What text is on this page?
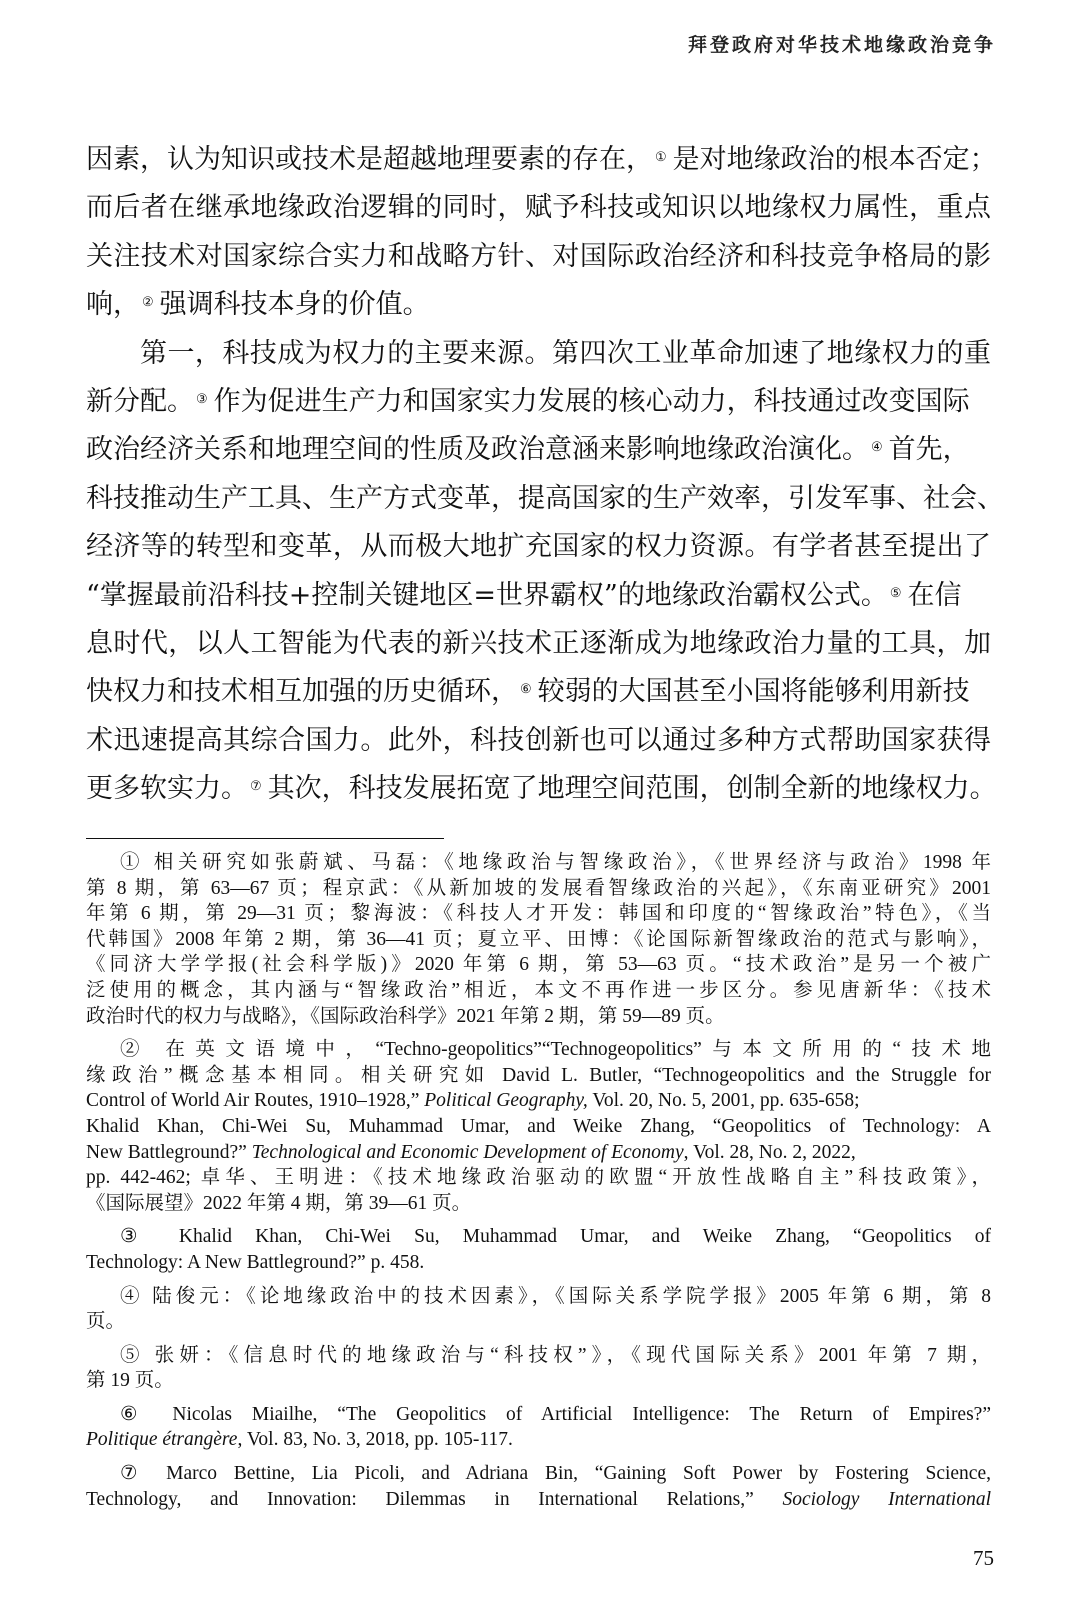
拜登政府对华技术地缘政治竞争
因素，认为知识或技术是超越地理要素的存在， ① 是对地缘政治的根本否定；
而后者在继承地缘政治逻辑的同时，赋予科技或知识以地缘权力属性，重点
关注技术对国家综合实力和战略方针、对国际政治经济和科技竞争格局的影
响， ② 强调科技本身的价值。
第一，科技成为权力的主要来源。第四次工业革命加速了地缘权力的重
新分配。 ③ 作为促进生产力和国家实力发展的核心动力，科技通过改变国际
政治经济关系和地理空间的性质及政治意涵来影响地缘政治演化。 ④ 首先，
科技推动生产工具、生产方式变革，提高国家的生产效率，引发军事、社会、
经济等的转型和变革，从而极大地扩充国家的权力资源。有学者甚至提出了
“掌握最前沿科技+控制关键地区=世界霸权”的地缘政治霸权公式。 ⑤ 在信
息时代，以人工智能为代表的新兴技术正逐渐成为地缘政治力量的工具，加
快权力和技术相互加强的历史循环， ⑥ 较弱的大国甚至小国将能够利用新技
术迅速提高其综合国力。此外，科技创新也可以通过多种方式帮助国家获得
更多软实力。 ⑦ 其次，科技发展拓宽了地理空间范围，创制全新的地缘权力。
① 相关研究如张蔚斌、马磊：《地缘政治与智缘政治》，《世界经济与政治》1998 年
第 8 期，第 63—67 页；程京武：《从新加坡的发展看智缘政治的兴起》，《东南亚研究》2001
年第 6 期，第 29—31 页；黎海波：《科技人才开发：韩国和印度的“智缘政治”特色》，《当
代韩国》2008 年第 2 期，第 36—41 页；夏立平、田博：《论国际新智缘政治的范式与影响》，
《同济大学学报(社会科学版)》2020 年第 6 期，第 53—63 页。“技术政治”是另一个被广
泛使用的概念，其内涵与“智缘政治”相近，本文不再作进一步区分。参见唐新华：《技术
政治时代的权力与战略》，《国际政治科学》2021 年第 2 期，第 59—89 页。
② 在英文语境中，“Techno-geopolitics”“Technogeopolitics”与本文所用的“技术地
缘政治”概念基本相同。相关研究如 David L. Butler, “Technogeopolitics and the Struggle for
Control of World Air Routes, 1910–1928,” Political Geography, Vol. 20, No. 5, 2001, pp. 635-658;
Khalid Khan, Chi-Wei Su, Muhammad Umar, and Weike Zhang, “Geopolitics of Technology: A
New Battleground?” Technological and Economic Development of Economy, Vol. 28, No. 2, 2022,
pp. 442-462; 卓华、王明进：《技术地缘政治驱动的欧盟“开放性战略自主”科技政策》，
《国际展望》2022 年第 4 期，第 39—61 页。
③ Khalid Khan, Chi-Wei Su, Muhammad Umar, and Weike Zhang, “Geopolitics of
Technology: A New Battleground?” p. 458.
④ 陆俊元：《论地缘政治中的技术因素》，《国际关系学院学报》2005 年第 6 期，第 8
页。
⑤ 张妍：《信息时代的地缘政治与“科技权”》，《现代国际关系》2001 年第 7 期，
第 19 页。
⑥ Nicolas Miailhe, “The Geopolitics of Artificial Intelligence: The Return of Empires?”
Politique étrangère, Vol. 83, No. 3, 2018, pp. 105-117.
⑦ Marco Bettine, Lia Picoli, and Adriana Bin, “Gaining Soft Power by Fostering Science,
Technology, and Innovation: Dilemmas in International Relations,” Sociology International
75
